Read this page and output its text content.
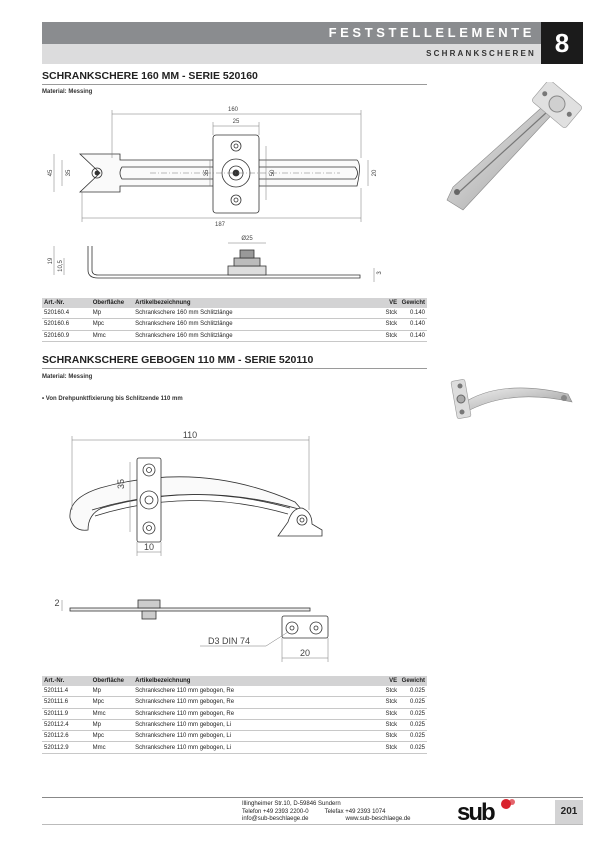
FESTSTELLELEMENTE
SCHRANKSCHEREN 8
SCHRANKSCHERE 160 MM - SERIE 520160
Material: Messing
160
25
45 35	35	50	20
187
Ø25
19 10,5
3
Art.-Nr.	Oberfläche	Artikelbezeichnung	VE	Gewicht
520160.4	Mp	Schrankschere 160 mm Schlitzlänge	Stck	0.140
520160.6	Mpc	Schrankschere 160 mm Schlitzlänge	Stck	0.140
520160.9	Mmc	Schrankschere 160 mm Schlitzlänge	Stck	0.140
SCHRANKSCHERE GEBOGEN 110 MM - SERIE 520110
Material: Messing
• Von Drehpunktfixierung bis Schlitzende 110 mm
110
35
10
2
D3 DIN 74
20
Art.-Nr.	Oberfläche	Artikelbezeichnung	VE	Gewicht
520111.4	Mp	Schrankschere 110 mm gebogen, Re	Stck	0.025
520111.6	Mpc	Schrankschere 110 mm gebogen, Re	Stck	0.025
520111.9	Mmc	Schrankschere 110 mm gebogen, Re	Stck	0.025
520112.4	Mp	Schrankschere 110 mm gebogen, Li	Stck	0.025
520112.6	Mpc	Schrankschere 110 mm gebogen, Li	Stck	0.025
520112.9	Mmc	Schrankschere 110 mm gebogen, Li	Stck	0.025
Illingheimer Str.10, D-59846 Sundern
Telefon +49 2393 2200-0	Telefax +49 2393 1074
info@sub-beschlaege.de	www.sub-beschlaege.de sub	201
